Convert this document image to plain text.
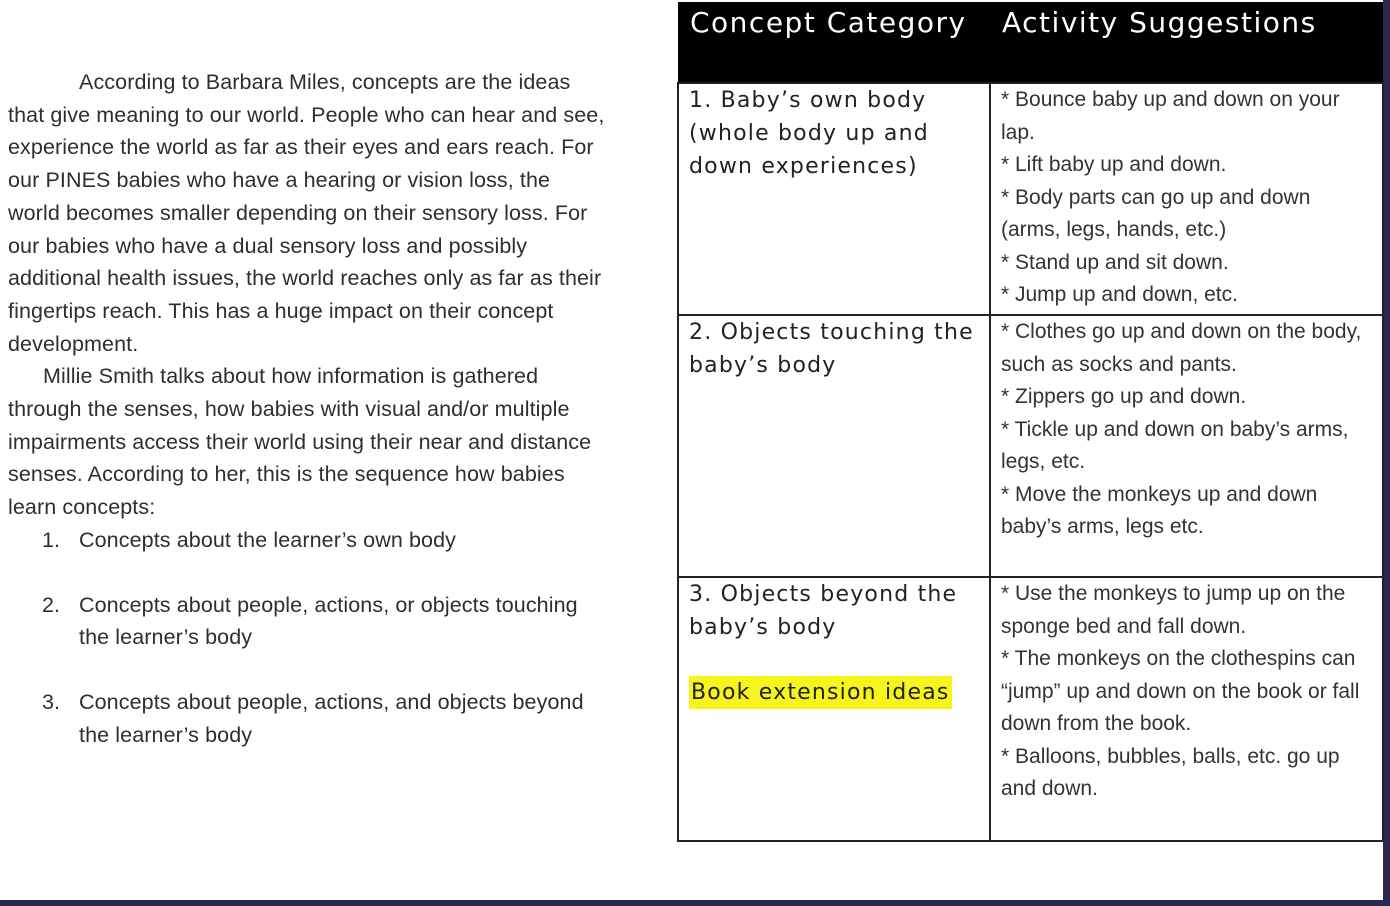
According to Barbara Miles, concepts are the ideas that give meaning to our world. People who can hear and see, experience the world as far as their eyes and ears reach. For our PINES babies who have a hearing or vision loss, the world becomes smaller depending on their sensory loss. For our babies who have a dual sensory loss and possibly additional health issues, the world reaches only as far as their fingertips reach. This has a huge impact on their concept development.

Millie Smith talks about how information is gathered through the senses, how babies with visual and/or multiple impairments access their world using their near and distance senses. According to her, this is the sequence how babies learn concepts:

1. Concepts about the learner’s own body
2. Concepts about people, actions, or objects touching the learner’s body
3. Concepts about people, actions, and objects beyond the learner’s body
Concept Category	Activity Suggestions
1. Baby’s own body (whole body up and down experiences)	* Bounce baby up and down on your lap.
* Lift baby up and down.
* Body parts can go up and down (arms, legs, hands, etc.)
* Stand up and sit down.
* Jump up and down, etc.

2. Objects touching the baby’s body	* Clothes go up and down on the body, such as socks and pants.
* Zippers go up and down.
* Tickle up and down on baby’s arms, legs, etc.
* Move the monkeys up and down baby’s arms, legs etc.

3. Objects beyond the baby’s body
Book extension ideas	* Use the monkeys to jump up on the sponge bed and fall down.
* The monkeys on the clothespins can “jump” up and down on the book or fall down from the book.
* Balloons, bubbles, balls, etc. go up and down.
